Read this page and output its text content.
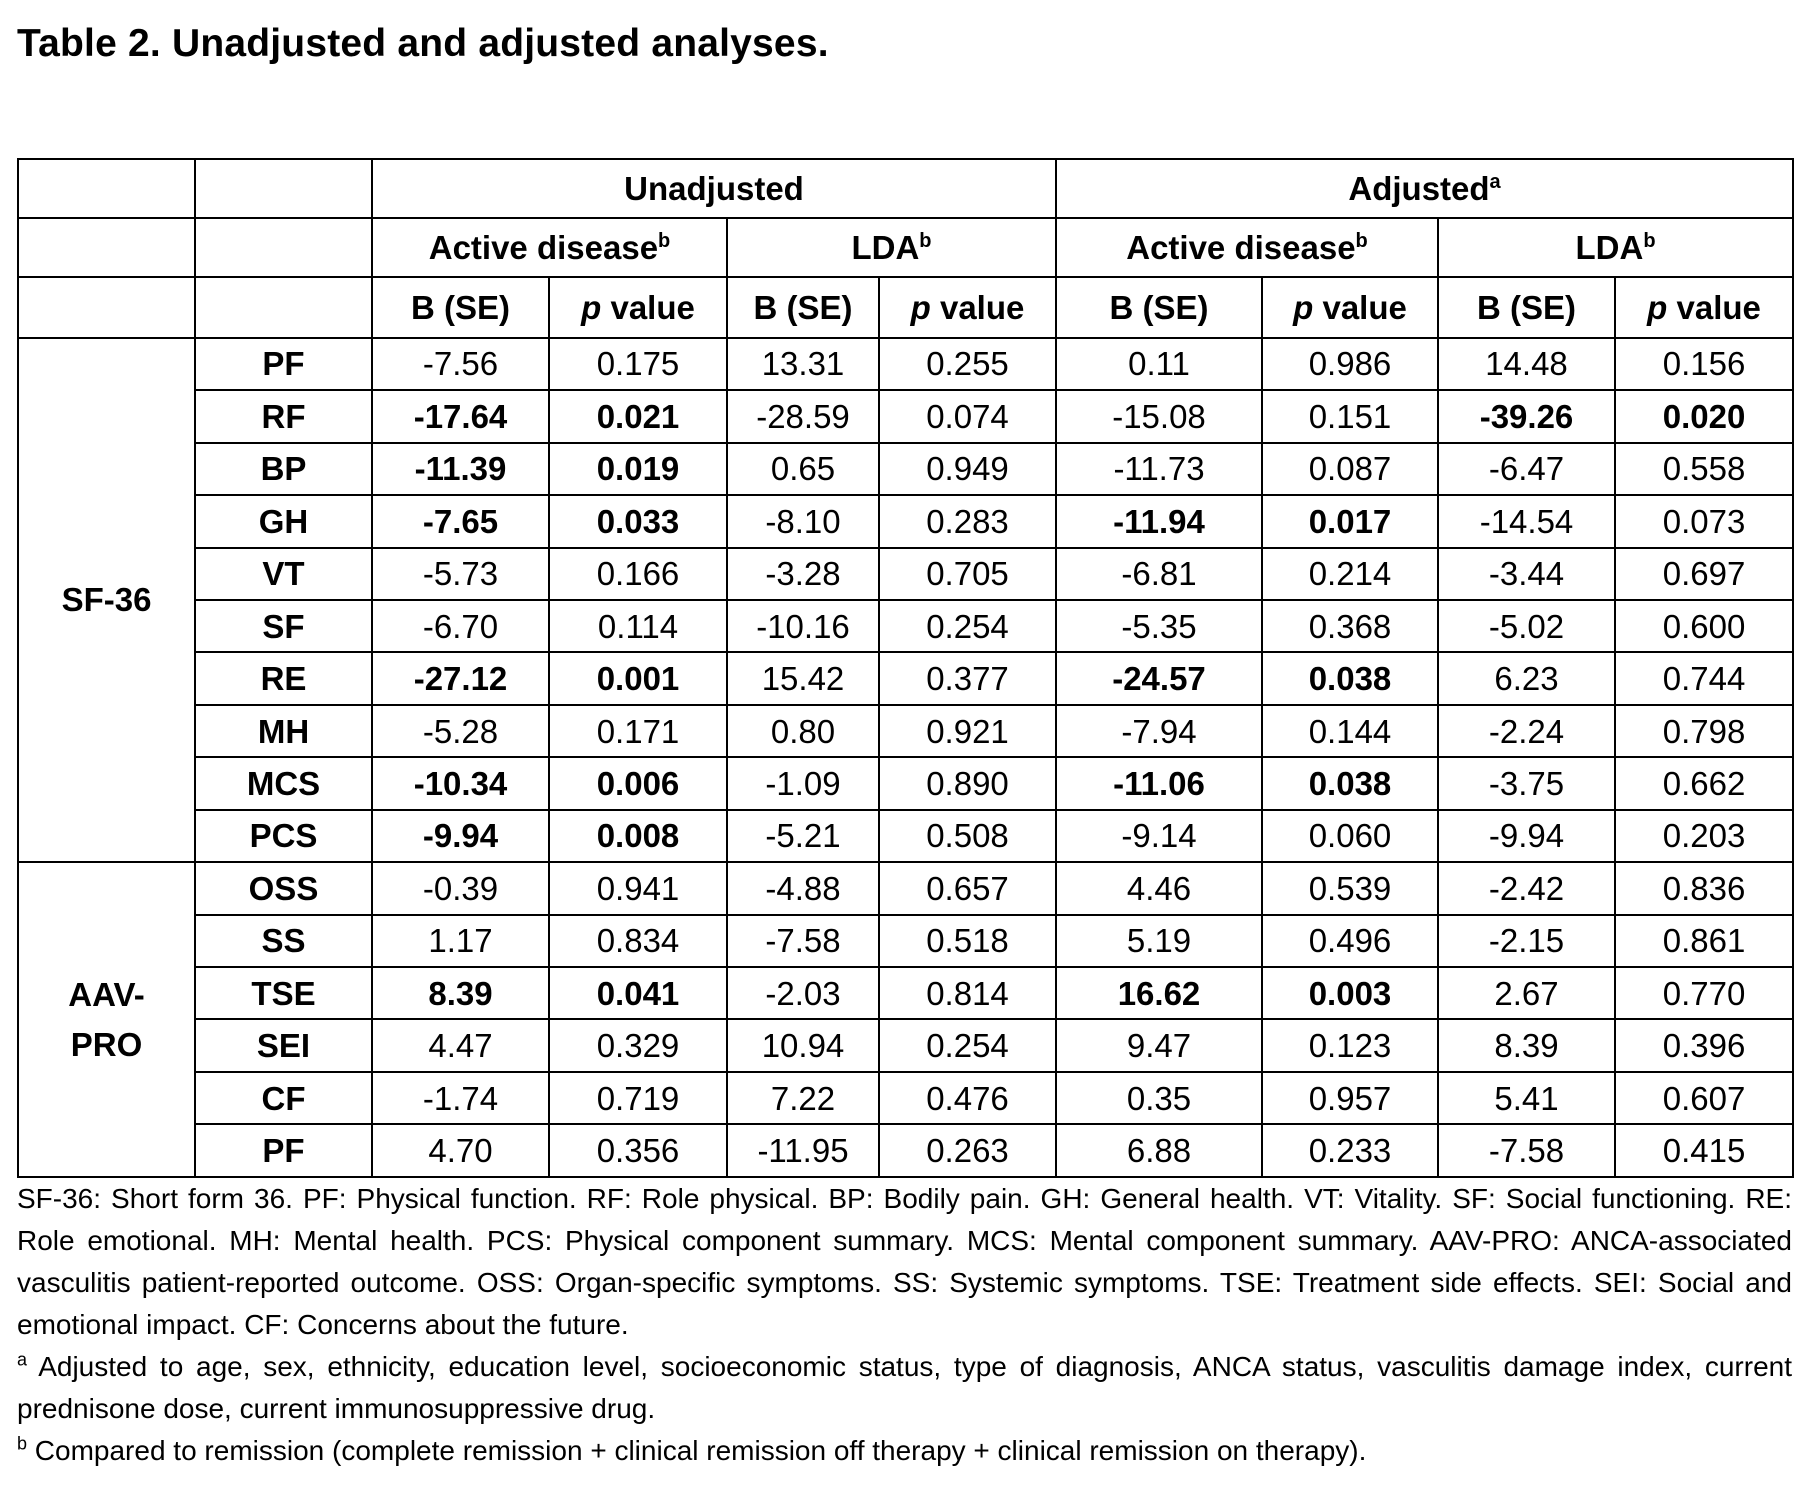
Table 2. Unadjusted and adjusted analyses.
		Unadjusted				Adjusted$^a$
		Active disease$^b$		LDA$^b$		Active disease$^b$		LDA$^b$
		B (SE)	p value	B (SE)	p value	B (SE)	p value	B (SE)	p value
SF-36	PF	-7.56	0.175	13.31	0.255	0.11	0.986	14.48	0.156
	RF	-17.64	0.021	-28.59	0.074	-15.08	0.151	-39.26	0.020
	BP	-11.39	0.019	0.65	0.949	-11.73	0.087	-6.47	0.558
	GH	-7.65	0.033	-8.10	0.283	-11.94	0.017	-14.54	0.073
	VT	-5.73	0.166	-3.28	0.705	-6.81	0.214	-3.44	0.697
	SF	-6.70	0.114	-10.16	0.254	-5.35	0.368	-5.02	0.600
	RE	-27.12	0.001	15.42	0.377	-24.57	0.038	6.23	0.744
	MH	-5.28	0.171	0.80	0.921	-7.94	0.144	-2.24	0.798
	MCS	-10.34	0.006	-1.09	0.890	-11.06	0.038	-3.75	0.662
	PCS	-9.94	0.008	-5.21	0.508	-9.14	0.060	-9.94	0.203
AAV-
PRO	OSS	-0.39	0.941	-4.88	0.657	4.46	0.539	-2.42	0.836
	SS	1.17	0.834	-7.58	0.518	5.19	0.496	-2.15	0.861
	TSE	8.39	0.041	-2.03	0.814	16.62	0.003	2.67	0.770
	SEI	4.47	0.329	10.94	0.254	9.47	0.123	8.39	0.396
	CF	-1.74	0.719	7.22	0.476	0.35	0.957	5.41	0.607
	PF	4.70	0.356	-11.95	0.263	6.88	0.233	-7.58	0.415

SF-36: Short form 36. PF: Physical function. RF: Role physical. BP: Bodily pain. GH: General health. VT: Vitality. SF: Social functioning. RE: Role emotional. MH: Mental health. PCS: Physical component summary. MCS: Mental component summary. AAV-PRO: ANCA-associated vasculitis patient-reported outcome. OSS: Organ-specific symptoms. SS: Systemic symptoms. TSE: Treatment side effects. SEI: Social and emotional impact. CF: Concerns about the future.

$^a$ Adjusted to age, sex, ethnicity, education level, socioeconomic status, type of diagnosis, ANCA status, vasculitis damage index, current prednisone dose, current immunosuppressive drug.

$^b$ Compared to remission (complete remission + clinical remission off therapy + clinical remission on therapy).
